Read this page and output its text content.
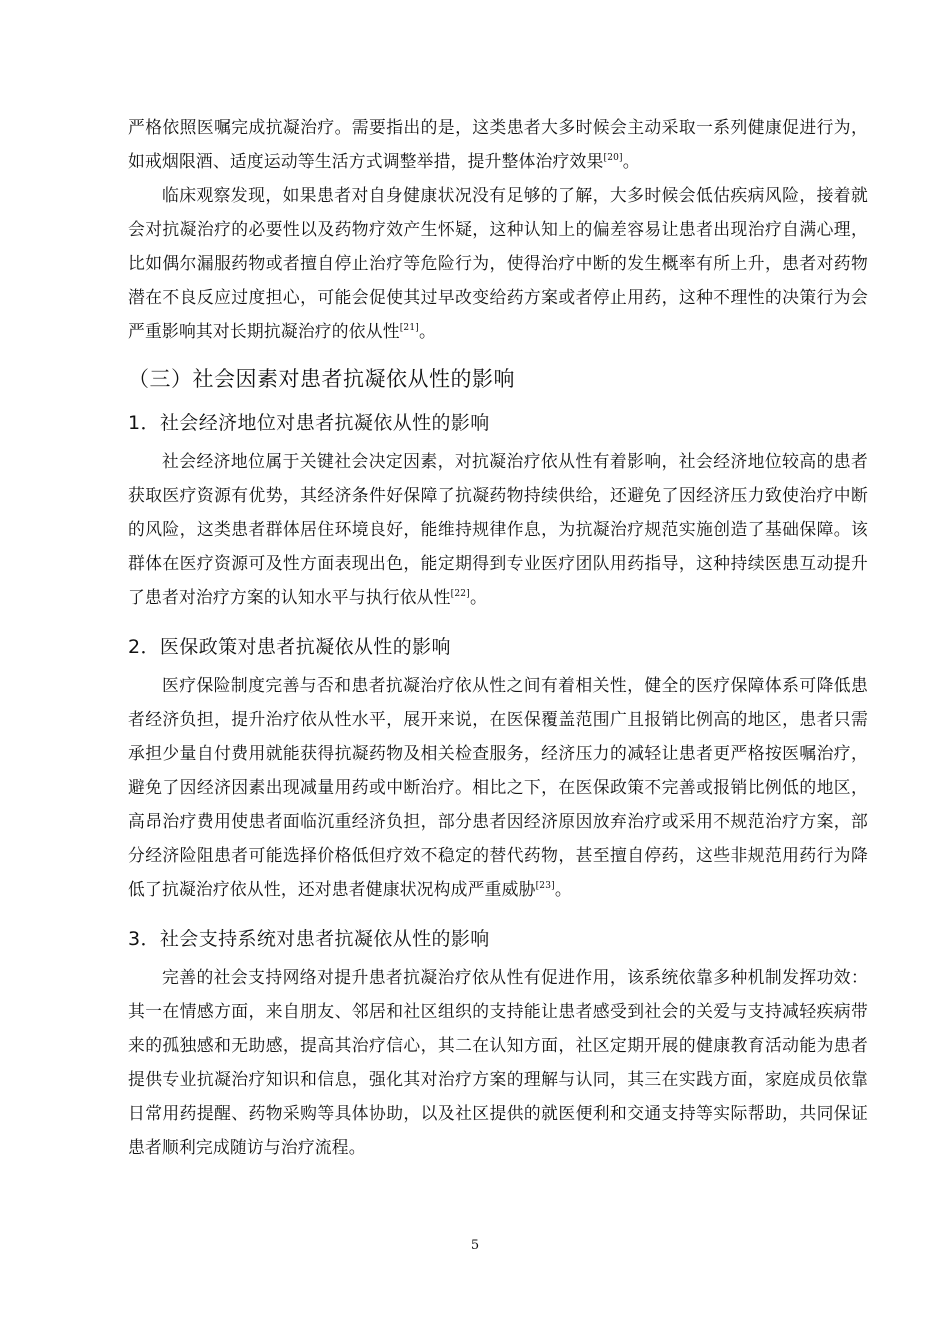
严格依照医嘱完成抗凝治疗。需要指出的是，这类患者大多时候会主动采取一系列健康促进行为，如戒烟限酒、适度运动等生活方式调整举措，提升整体治疗效果[20]。

临床观察发现，如果患者对自身健康状况没有足够的了解，大多时候会低估疾病风险，接着就会对抗凝治疗的必要性以及药物疗效产生怀疑，这种认知上的偏差容易让患者出现治疗自满心理，比如偶尔漏服药物或者擅自停止治疗等危险行为，使得治疗中断的发生概率有所上升，患者对药物潜在不良反应过度担心，可能会促使其过早改变给药方案或者停止用药，这种不理性的决策行为会严重影响其对长期抗凝治疗的依从性[21]。

（三）社会因素对患者抗凝依从性的影响
1．社会经济地位对患者抗凝依从性的影响

社会经济地位属于关键社会决定因素，对抗凝治疗依从性有着影响，社会经济地位较高的患者获取医疗资源有优势，其经济条件好保障了抗凝药物持续供给，还避免了因经济压力致使治疗中断的风险，这类患者群体居住环境良好，能维持规律作息，为抗凝治疗规范实施创造了基础保障。该群体在医疗资源可及性方面表现出色，能定期得到专业医疗团队用药指导，这种持续医患互动提升了患者对治疗方案的认知水平与执行依从性[22]。

2．医保政策对患者抗凝依从性的影响

医疗保险制度完善与否和患者抗凝治疗依从性之间有着相关性，健全的医疗保障体系可降低患者经济负担，提升治疗依从性水平，展开来说，在医保覆盖范围广且报销比例高的地区，患者只需承担少量自付费用就能获得抗凝药物及相关检查服务，经济压力的减轻让患者更严格按医嘱治疗，避免了因经济因素出现减量用药或中断治疗。相比之下，在医保政策不完善或报销比例低的地区，高昂治疗费用使患者面临沉重经济负担，部分患者因经济原因放弃治疗或采用不规范治疗方案，部分经济险阻患者可能选择价格低但疗效不稳定的替代药物，甚至擅自停药，这些非规范用药行为降低了抗凝治疗依从性，还对患者健康状况构成严重威胁[23]。

3．社会支持系统对患者抗凝依从性的影响

完善的社会支持网络对提升患者抗凝治疗依从性有促进作用，该系统依靠多种机制发挥功效：其一在情感方面，来自朋友、邻居和社区组织的支持能让患者感受到社会的关爱与支持减轻疾病带来的孤独感和无助感，提高其治疗信心，其二在认知方面，社区定期开展的健康教育活动能为患者提供专业抗凝治疗知识和信息，强化其对治疗方案的理解与认同，其三在实践方面，家庭成员依靠日常用药提醒、药物采购等具体协助，以及社区提供的就医便利和交通支持等实际帮助，共同保证患者顺利完成随访与治疗流程。

5
